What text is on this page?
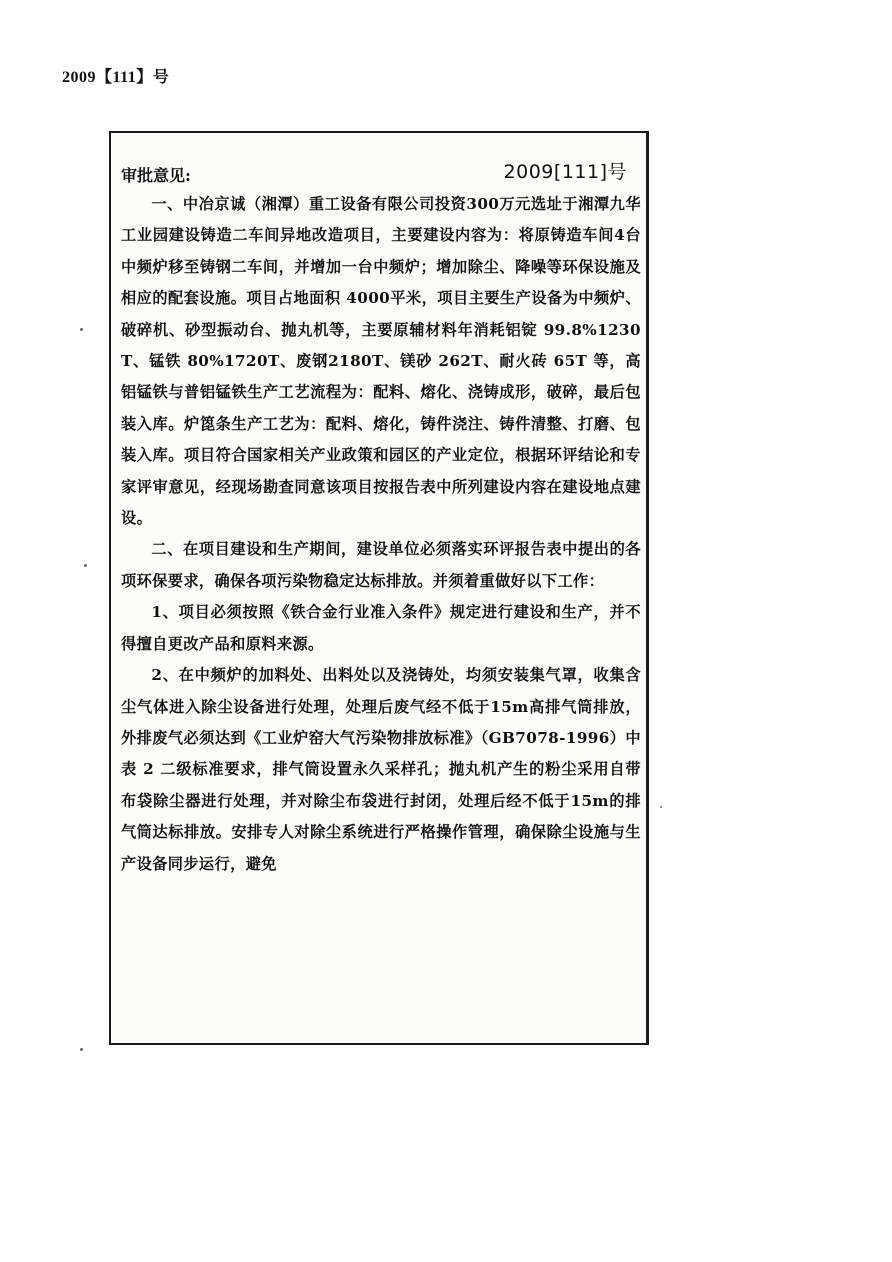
2009【111】号
审批意见:	2009[111]号

一、中冶京诚（湘潭）重工设备有限公司投资300万元选址于湘潭九华工业园建设铸造二车间异地改造项目，主要建设内容为：将原铸造车间4台中频炉移至铸钢二车间，并增加一台中频炉；增加除尘、降噪等环保设施及相应的配套设施。项目占地面积 4000平米，项目主要生产设备为中频炉、破碎机、砂型振动台、抛丸机等，主要原辅材料年消耗铝锭 99.8%1230T、锰铁 80%1720T、废钢2180T、镁砂 262T、耐火砖 65T 等，高铝锰铁与普铝锰铁生产工艺流程为：配料、熔化、浇铸成形，破碎，最后包装入库。炉箆条生产工艺为：配料、熔化，铸件浇注、铸件清整、打磨、包装入库。项目符合国家相关产业政策和园区的产业定位，根据环评结论和专家评审意见，经现场勘查同意该项目按报告表中所列建设内容在建设地点建设。

二、在项目建设和生产期间，建设单位必须落实环评报告表中提出的各项环保要求，确保各项污染物稳定达标排放。并须着重做好以下工作：

1、项目必须按照《铁合金行业准入条件》规定进行建设和生产，并不得擅自更改产品和原料来源。

2、在中频炉的加料处、出料处以及浇铸处，均须安装集气罩，收集含尘气体进入除尘设备进行处理，处理后废气经不低于15m高排气筒排放，外排废气必须达到《工业炉窑大气污染物排放标准》（GB7078-1996）中表 2 二级标准要求，排气筒设置永久采样孔；抛丸机产生的粉尘采用自带布袋除尘器进行处理，并对除尘布袋进行封闭，处理后经不低于15m的排气筒达标排放。安排专人对除尘系统进行严格操作管理，确保除尘设施与生产设备同步运行，避免
